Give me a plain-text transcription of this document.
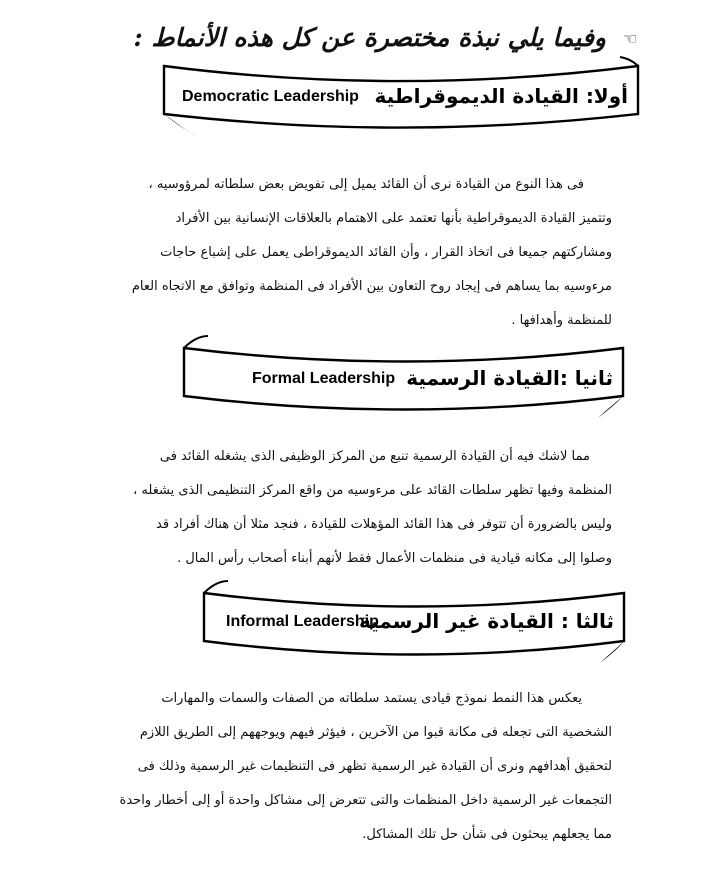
☜
وفيما يلي نبذة مختصرة عن كل هذه الأنماط :
أولا: القيادة الديموقراطية
Democratic Leadership
فى هذا النوع من القيادة نرى أن القائد يميل إلى تفويض بعض سلطاته لمرؤوسيه ،
وتتميز القيادة الديموقراطية بأنها تعتمد على الاهتمام بالعلاقات الإنسانية بين الأفراد
ومشاركتهم جميعا فى اتخاذ القرار ، وأن القائد الديموقراطى يعمل على إشباع حاجات
مرءوسيه بما يساهم فى إيجاد روح التعاون بين الأفراد فى المنظمة وتوافق مع الاتجاه العام
للمنظمة وأهدافها .
ثانيا :القيادة الرسمية
Formal Leadership
مما لاشك فيه أن القيادة الرسمية تنبع من المركز الوظيفى الذى يشغله القائد فى
المنظمة وفيها تظهر سلطات القائد على مرءوسيه من واقع المركز التنظيمى الذى يشغله ،
وليس بالضرورة أن تتوفر فى هذا القائد المؤهلات للقيادة ، فنجد مثلا أن هناك أفراد قد
وصلوا إلى مكانه قيادية فى منظمات الأعمال فقط لأنهم أبناء أصحاب رأس المال .
ثالثا : القيادة غير الرسمية
Informal Leadership
يعكس هذا النمط نموذج قيادى يستمد سلطاته من الصفات والسمات والمهارات
الشخصية التى تجعله فى مكانة قبوا من الآخرين ، فيؤثر فيهم ويوجههم إلى الطريق اللازم
لتحقيق أهدافهم ونرى أن القيادة غير الرسمية تظهر فى التنظيمات غير الرسمية وذلك فى
التجمعات غير الرسمية داخل المنظمات والتى تتعرض إلى مشاكل واحدة أو إلى أخطار واحدة
مما يجعلهم يبحثون فى شأن حل تلك المشاكل.
